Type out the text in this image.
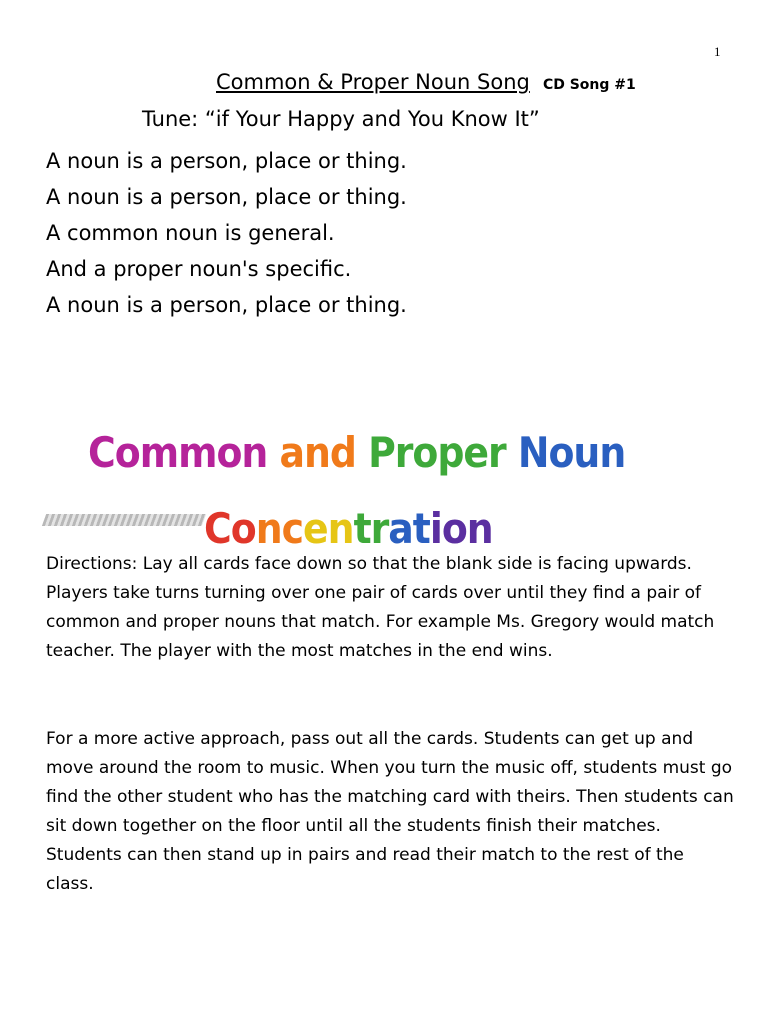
1
Common & Proper Noun Song CD Song #1
Tune: “if Your Happy and You Know It”
A noun is a person, place or thing.
A noun is a person, place or thing.
A common noun is general.
And a proper noun's specific.
A noun is a person, place or thing.
Common and Proper Noun
Concentration

Directions: Lay all cards face down so that the blank side is facing upwards. Players take turns turning over one pair of cards over until they find a pair of common and proper nouns that match. For example Ms. Gregory would match teacher. The player with the most matches in the end wins.

For a more active approach, pass out all the cards. Students can get up and move around the room to music. When you turn the music off, students must go find the other student who has the matching card with theirs. Then students can sit down together on the floor until all the students finish their matches. Students can then stand up in pairs and read their match to the rest of the class.
